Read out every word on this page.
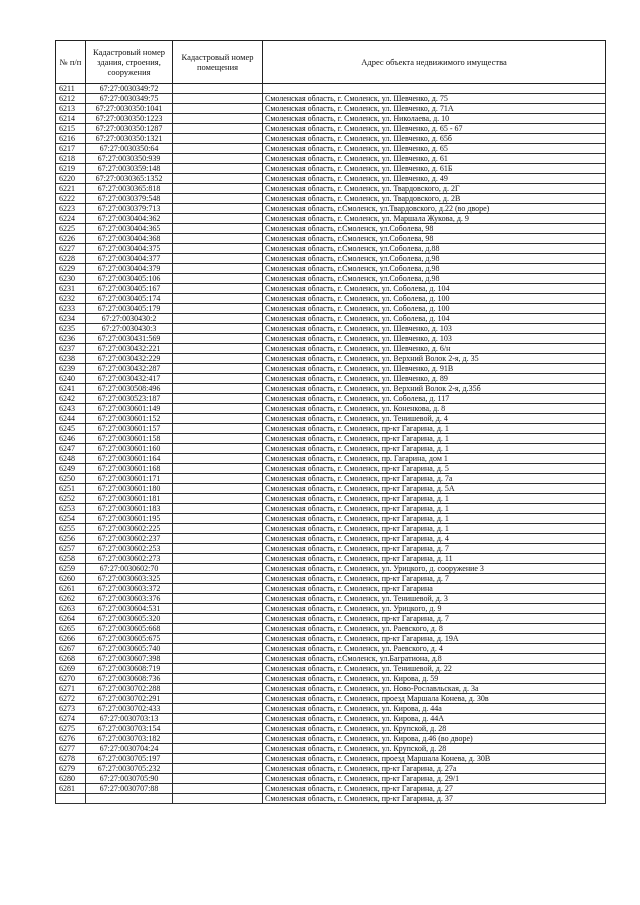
№ п/п	Кадастровый номер здания, строения, сооружения	Кадастровый номер помещения	Адрес объекта недвижимого имущества
6211	67:27:0030349:72		
6212	67:27:0030349:75		Смоленская область, г. Смоленск, ул. Шевченко, д. 75
6213	67:27:0030350:1041		Смоленская область, г. Смоленск, ул. Шевченко, д. 71А
6214	67:27:0030350:1223		Смоленская область, г. Смоленск, ул. Николаева, д. 10
6215	67:27:0030350:1287		Смоленская область, г. Смоленск, ул. Шевченко, д. 65 - 67
6216	67:27:0030350:1321		Смоленская область, г. Смоленск, ул. Шевченко, д. 65б
6217	67:27:0030350:64		Смоленская область, г. Смоленск, ул. Шевченко, д. 65
6218	67:27:0030350:939		Смоленская область, г. Смоленск, ул. Шевченко, д. 61
6219	67:27:0030359:148		Смоленская область, г. Смоленск, ул. Шевченко, д. 61Б
6220	67:27:0030365:1352		Смоленская область, г. Смоленск, ул. Шевченко, д. 49
6221	67:27:0030365:818		Смоленская область, г. Смоленск, ул. Твардовского, д. 2Г
6222	67:27:0030379:548		Смоленская область, г. Смоленск, ул. Твардовского, д. 2В
6223	67:27:0030379:713		Смоленская область, г.Смоленск, ул.Твардовского, д.22 (во дворе)
6224	67:27:0030404:362		Смоленская область, г. Смоленск, ул. Маршала Жукова, д. 9
6225	67:27:0030404:365		Смоленская область, г.Смоленск, ул.Соболева, 98
6226	67:27:0030404:368		Смоленская область, г.Смоленск, ул.Соболева, 98
6227	67:27:0030404:375		Смоленская область, г.Смоленск, ул.Соболева, д.88
6228	67:27:0030404:377		Смоленская область, г.Смоленск, ул.Соболева, д.98
6229	67:27:0030404:379		Смоленская область, г.Смоленск, ул.Соболева, д.98
6230	67:27:0030405:106		Смоленская область, г.Смоленск, ул.Соболева, д.98
6231	67:27:0030405:167		Смоленская область, г. Смоленск, ул. Соболева, д. 104
6232	67:27:0030405:174		Смоленская область, г. Смоленск, ул. Соболева, д. 100
6233	67:27:0030405:179		Смоленская область, г. Смоленск, ул. Соболева, д. 100
6234	67:27:0030430:2		Смоленская область, г. Смоленск, ул. Соболева, д. 104
6235	67:27:0030430:3		Смоленская область, г. Смоленск, ул. Шевченко, д. 103
6236	67:27:0030431:569		Смоленская область, г. Смоленск, ул. Шевченко, д. 103
6237	67:27:0030432:221		Смоленская область, г. Смоленск, ул. Шевченко, д. 6/н
6238	67:27:0030432:229		Смоленская область, г. Смоленск, ул. Верхний Волок 2-я, д. 35
6239	67:27:0030432:287		Смоленская область, г. Смоленск, ул. Шевченко, д. 91В
6240	67:27:0030432:417		Смоленская область, г. Смоленск, ул. Шевченко, д. 89
6241	67:27:0030508:496		Смоленская область, г. Смоленск, ул. Верхний Волок 2-я, д.35б
6242	67:27:0030523:187		Смоленская область, г. Смоленск, ул. Соболева, д. 117
6243	67:27:0030601:149		Смоленская область, г. Смоленск, ул. Коненкова, д. 8
6244	67:27:0030601:152		Смоленская область, г. Смоленск, ул. Тенишевой, д. 4
6245	67:27:0030601:157		Смоленская область, г. Смоленск, пр-кт Гагарина, д. 1
6246	67:27:0030601:158		Смоленская область, г. Смоленск, пр-кт Гагарина, д. 1
6247	67:27:0030601:160		Смоленская область, г. Смоленск, пр-кт Гагарина, д. 1
6248	67:27:0030601:164		Смоленская область, г. Смоленск, пр. Гагарина, дом 1
6249	67:27:0030601:168		Смоленская область, г. Смоленск, пр-кт Гагарина, д. 5
6250	67:27:0030601:171		Смоленская область, г. Смоленск, пр-кт Гагарина, д. 7а
6251	67:27:0030601:180		Смоленская область, г. Смоленск, пр-кт Гагарина, д. 5А
6252	67:27:0030601:181		Смоленская область, г. Смоленск, пр-кт Гагарина, д. 1
6253	67:27:0030601:183		Смоленская область, г. Смоленск, пр-кт Гагарина, д. 1
6254	67:27:0030601:195		Смоленская область, г. Смоленск, пр-кт Гагарина, д. 1
6255	67:27:0030602:225		Смоленская область, г. Смоленск, пр-кт Гагарина, д. 1
6256	67:27:0030602:237		Смоленская область, г. Смоленск, пр-кт Гагарина, д. 4
6257	67:27:0030602:253		Смоленская область, г. Смоленск, пр-кт Гагарина, д. 7
6258	67:27:0030602:273		Смоленская область, г. Смоленск, пр-кт Гагарина, д. 11
6259	67:27:0030602:70		Смоленская область, г. Смоленск, ул. Урицкого, д. сооружение 3
6260	67:27:0030603:325		Смоленская область, г. Смоленск, пр-кт Гагарина, д. 7
6261	67:27:0030603:372		Смоленская область, г. Смоленск, пр-кт Гагарина
6262	67:27:0030603:376		Смоленская область, г. Смоленск, ул. Тенишевой, д. 3
6263	67:27:0030604:531		Смоленская область, г. Смоленск, ул. Урицкого, д. 9
6264	67:27:0030605:320		Смоленская область, г. Смоленск, пр-кт Гагарина, д. 7
6265	67:27:0030605:668		Смоленская область, г. Смоленск, ул. Раевского, д. 8
6266	67:27:0030605:675		Смоленская область, г. Смоленск, пр-кт Гагарина, д. 19А
6267	67:27:0030605:740		Смоленская область, г. Смоленск, ул. Раевского, д. 4
6268	67:27:0030607:398		Смоленская область, г.Смоленск, ул.Багратиона, д.8
6269	67:27:0030608:719		Смоленская область, г. Смоленск, ул. Тенишевой, д. 22
6270	67:27:0030608:736		Смоленская область, г. Смоленск, ул. Кирова, д. 59
6271	67:27:0030702:288		Смоленская область, г. Смоленск, ул. Ново-Рославльская, д. 3а
6272	67:27:0030702:291		Смоленская область, г. Смоленск, проезд Маршала Конева, д. 30в
6273	67:27:0030702:433		Смоленская область, г. Смоленск, ул. Кирова, д. 44а
6274	67:27:0030703:13		Смоленская область, г. Смоленск, ул. Кирова, д. 44А
6275	67:27:0030703:154		Смоленская область, г. Смоленск, ул. Крупской, д. 28
6276	67:27:0030703:182		Смоленская область, г. Смоленск, ул. Кирова, д.46 (во дворе)
6277	67:27:0030704:24		Смоленская область, г. Смоленск, ул. Крупской, д. 28
6278	67:27:0030705:197		Смоленская область, г. Смоленск, проезд Маршала Конева, д. 30В
6279	67:27:0030705:232		Смоленская область, г. Смоленск, пр-кт Гагарина, д. 27а
6280	67:27:0030705:90		Смоленская область, г. Смоленск, пр-кт Гагарина, д. 29/1
6281	67:27:0030707:88		Смоленская область, г. Смоленск, пр-кт Гагарина, д. 27
			Смоленская область, г. Смоленск, пр-кт Гагарина, д. 37
